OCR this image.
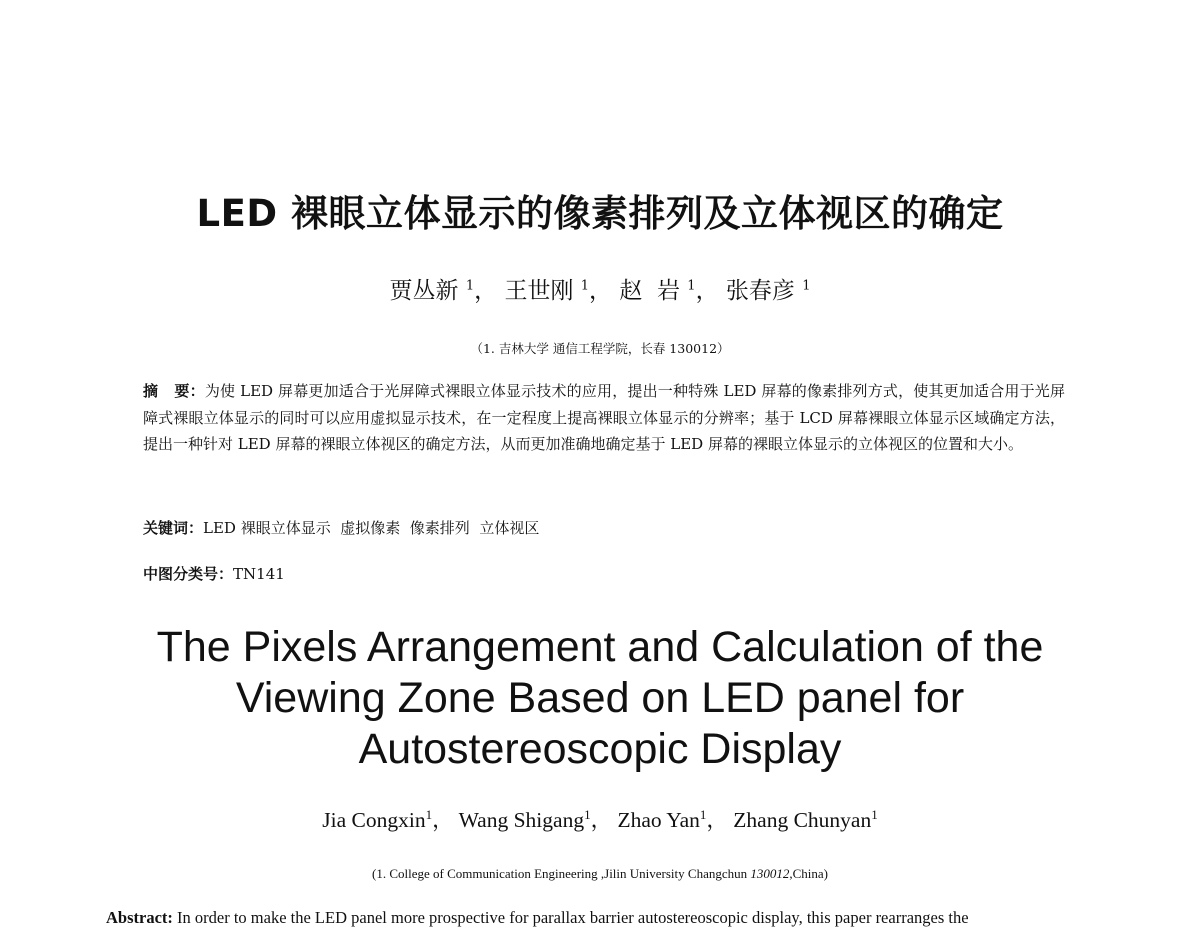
LED 裸眼立体显示的像素排列及立体视区的确定
贾丛新 $^1$， 王世刚 $^1$， 赵  岩 $^1$， 张春彦 $^1$
（1. 吉林大学 通信工程学院，长春 130012）
摘   要：为使 LED 屏幕更加适合于光屏障式裸眼立体显示技术的应用，提出一种特殊 LED 屏幕的像素排列方式，使其更加适合用于光屏障式裸眼立体显示的同时可以应用虚拟显示技术，在一定程度上提高裸眼立体显示的分辨率；基于 LCD 屏幕裸眼立体显示区域确定方法，提出一种针对 LED 屏幕的裸眼立体视区的确定方法，从而更加准确地确定基于 LED 屏幕的裸眼立体显示的立体视区的位置和大小。
关键词：LED 裸眼立体显示  虚拟像素  像素排列  立体视区
中图分类号：TN141
The Pixels Arrangement and Calculation of the
Viewing Zone Based on LED panel for
Autostereoscopic Display
Jia Congxin$^1$， Wang Shigang$^1$， Zhao Yan$^1$， Zhang Chunyan$^1$
(1. College of Communication Engineering ,Jilin University Changchun 130012,China)
Abstract: In order to make the LED panel more prospective for parallax barrier autostereoscopic display, this paper rearranges the
